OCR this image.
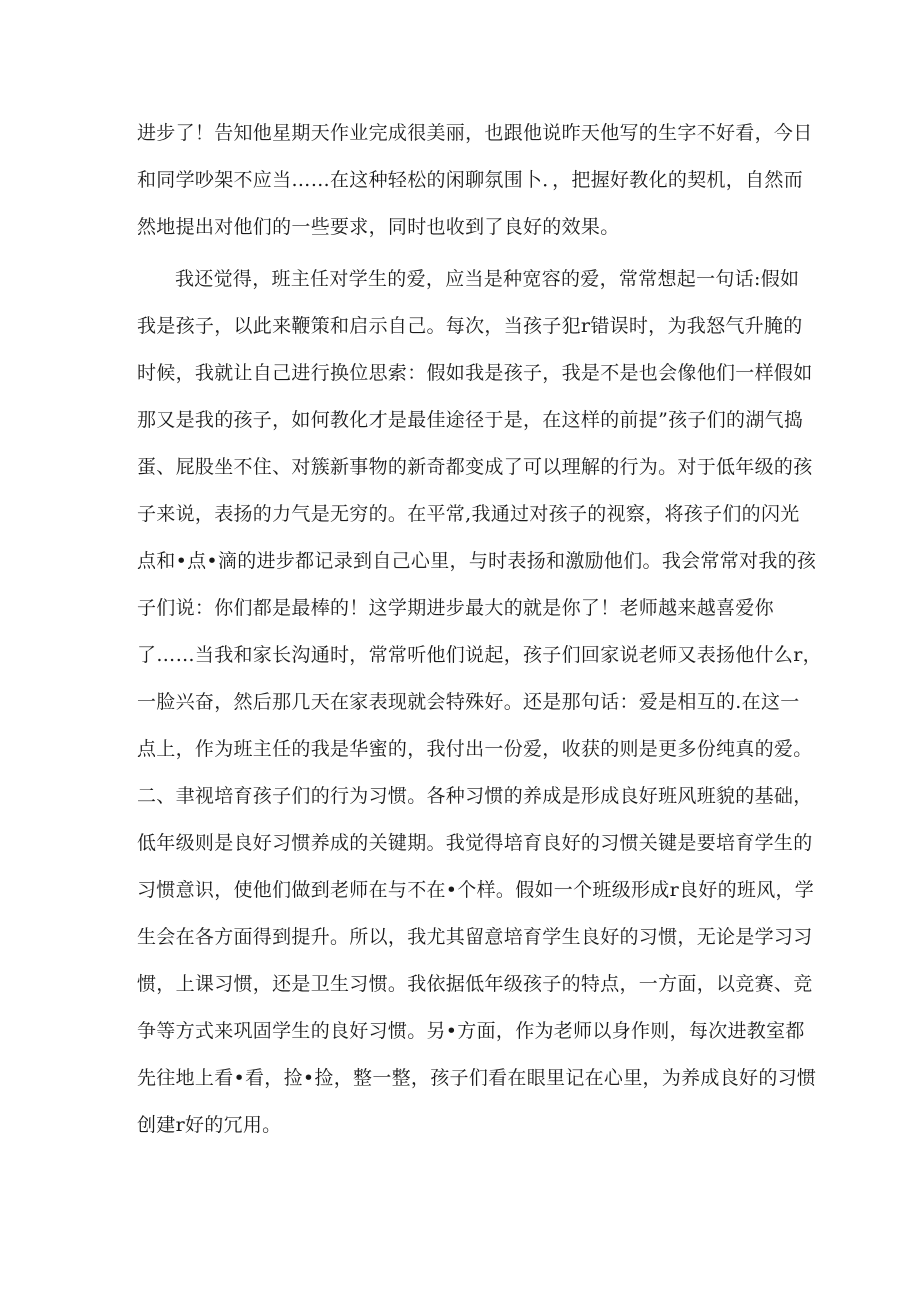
进步了！告知他星期天作业完成很美丽，也跟他说昨天他写的生字不好看，今日
和同学吵架不应当……在这种轻松的闲聊氛围卜．，把握好教化的契机，自然而
然地提出对他们的一些要求，同时也收到了良好的效果。
我还觉得，班主任对学生的爱，应当是种宽容的爱，常常想起一句话:假如
我是孩子，以此来鞭策和启示自己。每次，当孩子犯r错误时，为我怒气升腌的
时候，我就让自己进行换位思索：假如我是孩子，我是不是也会像他们一样假如
那又是我的孩子，如何教化才是最佳途径于是，在这样的前提”孩子们的湖气捣
蛋、屁股坐不住、对簇新事物的新奇都变成了可以理解的行为。对于低年级的孩
子来说，表扬的力气是无穷的。在平常,我通过对孩子的视察，将孩子们的闪光
点和•点•滴的进步都记录到自己心里，与时表扬和激励他们。我会常常对我的孩
子们说：你们都是最棒的！这学期进步最大的就是你了！老师越来越喜爱你
了……当我和家长沟通时，常常听他们说起，孩子们回家说老师又表扬他什么r，
一脸兴奋，然后那几天在家表现就会特殊好。还是那句话：爱是相互的.在这一
点上，作为班主任的我是华蜜的，我付出一份爱，收获的则是更多份纯真的爱。
二、聿视培育孩子们的行为习惯。各种习惯的养成是形成良好班风班貌的基础，
低年级则是良好习惯养成的关键期。我觉得培育良好的习惯关键是要培育学生的
习惯意识，使他们做到老师在与不在•个样。假如一个班级形成r良好的班风，学
生会在各方面得到提升。所以，我尤其留意培育学生良好的习惯，无论是学习习
惯，上课习惯，还是卫生习惯。我依据低年级孩子的特点，一方面，以竞赛、竞
争等方式来巩固学生的良好习惯。另•方面，作为老师以身作则，每次进教室都
先往地上看•看，捡•捡，整一整，孩子们看在眼里记在心里，为养成良好的习惯
创建r好的冗用。
